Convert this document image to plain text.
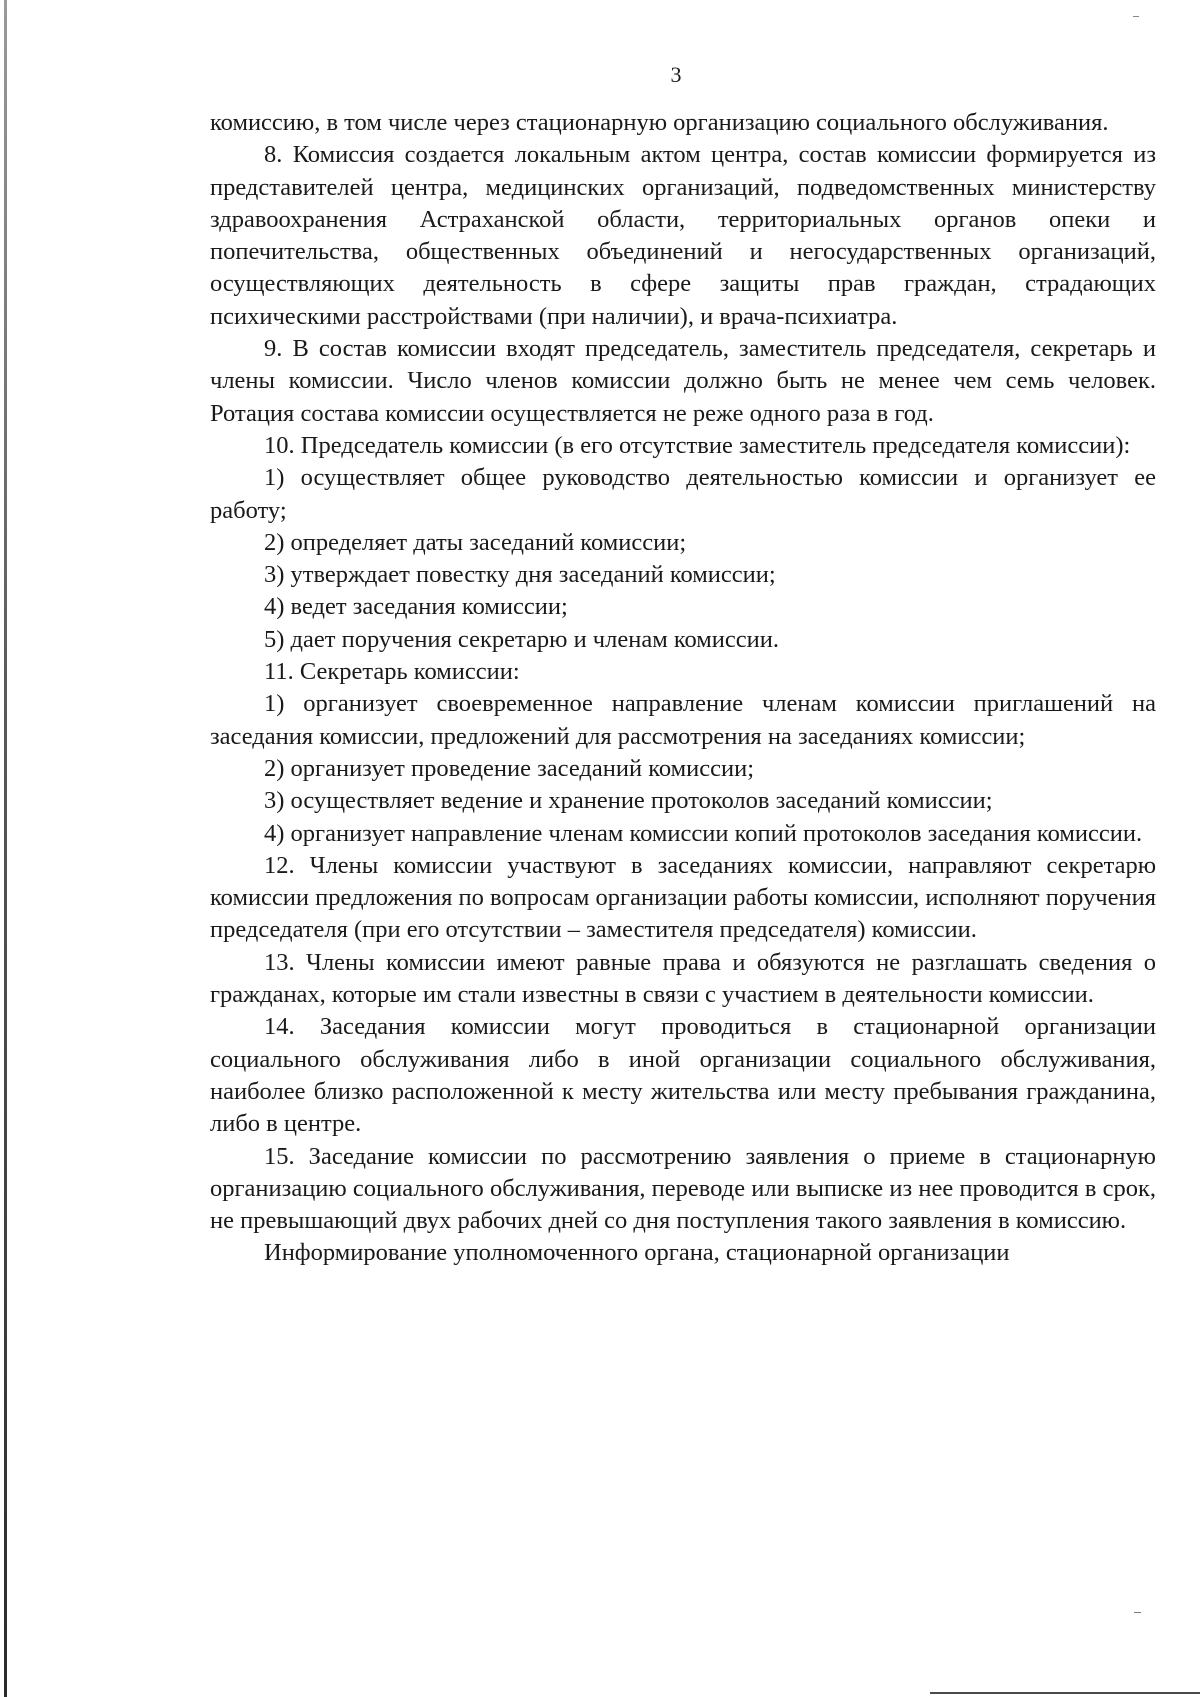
3

комиссию, в том числе через стационарную организацию социального обслуживания.

8. Комиссия создается локальным актом центра, состав комиссии формируется из представителей центра, медицинских организаций, подведомственных министерству здравоохранения Астраханской области, территориальных органов опеки и попечительства, общественных объединений и негосударственных организаций, осуществляющих деятельность в сфере защиты прав граждан, страдающих психическими расстройствами (при наличии), и врача-психиатра.

9. В состав комиссии входят председатель, заместитель председателя, секретарь и члены комиссии. Число членов комиссии должно быть не менее чем семь человек. Ротация состава комиссии осуществляется не реже одного раза в год.

10. Председатель комиссии (в его отсутствие заместитель председателя комиссии):

1) осуществляет общее руководство деятельностью комиссии и организует ее работу;

2) определяет даты заседаний комиссии;

3) утверждает повестку дня заседаний комиссии;

4) ведет заседания комиссии;

5) дает поручения секретарю и членам комиссии.

11. Секретарь комиссии:

1) организует своевременное направление членам комиссии приглашений на заседания комиссии, предложений для рассмотрения на заседаниях комиссии;

2) организует проведение заседаний комиссии;

3) осуществляет ведение и хранение протоколов заседаний комиссии;

4) организует направление членам комиссии копий протоколов заседания комиссии.

12. Члены комиссии участвуют в заседаниях комиссии, направляют секретарю комиссии предложения по вопросам организации работы комиссии, исполняют поручения председателя (при его отсутствии – заместителя председателя) комиссии.

13. Члены комиссии имеют равные права и обязуются не разглашать сведения о гражданах, которые им стали известны в связи с участием в деятельности комиссии.

14. Заседания комиссии могут проводиться в стационарной организации социального обслуживания либо в иной организации социального обслуживания, наиболее близко расположенной к месту жительства или месту пребывания гражданина, либо в центре.

15. Заседание комиссии по рассмотрению заявления о приеме в стационарную организацию социального обслуживания, переводе или выписке из нее проводится в срок, не превышающий двух рабочих дней со дня поступления такого заявления в комиссию.

Информирование уполномоченного органа, стационарной организации
